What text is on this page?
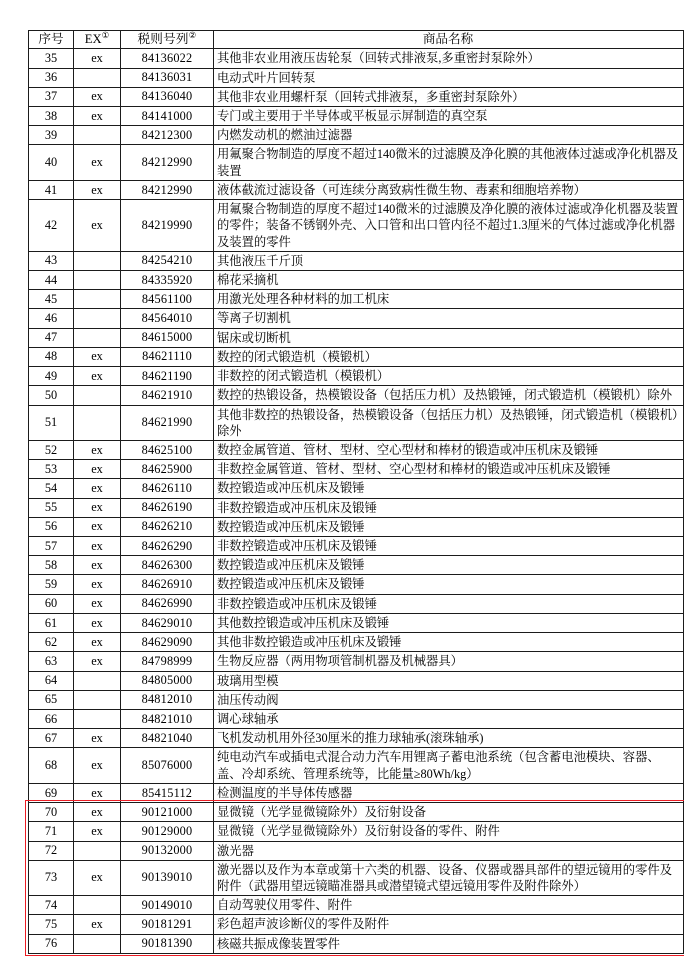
序号	EX①	税则号列②	商品名称
35	ex	84136022	其他非农业用液压齿轮泵（回转式排液泵,多重密封泵除外）
36		84136031	电动式叶片回转泵
37	ex	84136040	其他非农业用螺杆泵（回转式排液泵，多重密封泵除外）
38	ex	84141000	专门或主要用于半导体或平板显示屏制造的真空泵
39		84212300	内燃发动机的燃油过滤器
40	ex	84212990	用氟聚合物制造的厚度不超过140微米的过滤膜及净化膜的其他液体过滤或净化机器及装置
41	ex	84212990	液体截流过滤设备（可连续分离致病性微生物、毒素和细胞培养物）
42	ex	84219990	用氟聚合物制造的厚度不超过140微米的过滤膜及净化膜的液体过滤或净化机器及装置的零件；装备不锈钢外壳、入口管和出口管内径不超过1.3厘米的气体过滤或净化机器及装置的零件
43		84254210	其他液压千斤顶
44		84335920	棉花采摘机
45		84561100	用激光处理各种材料的加工机床
46		84564010	等离子切割机
47		84615000	锯床或切断机
48	ex	84621110	数控的闭式锻造机（模锻机）
49	ex	84621190	非数控的闭式锻造机（模锻机）
50		84621910	数控的热锻设备，热模锻设备（包括压力机）及热锻锤，闭式锻造机（模锻机）除外
51		84621990	其他非数控的热锻设备，热模锻设备（包括压力机）及热锻锤，闭式锻造机（模锻机）除外
52	ex	84625100	数控金属管道、管材、型材、空心型材和棒材的锻造或冲压机床及锻锤
53	ex	84625900	非数控金属管道、管材、型材、空心型材和棒材的锻造或冲压机床及锻锤
54	ex	84626110	数控锻造或冲压机床及锻锤
55	ex	84626190	非数控锻造或冲压机床及锻锤
56	ex	84626210	数控锻造或冲压机床及锻锤
57	ex	84626290	非数控锻造或冲压机床及锻锤
58	ex	84626300	数控锻造或冲压机床及锻锤
59	ex	84626910	数控锻造或冲压机床及锻锤
60	ex	84626990	非数控锻造或冲压机床及锻锤
61	ex	84629010	其他数控锻造或冲压机床及锻锤
62	ex	84629090	其他非数控锻造或冲压机床及锻锤
63	ex	84798999	生物反应器（两用物项管制机器及机械器具）
64		84805000	玻璃用型模
65		84812010	油压传动阀
66		84821010	调心球轴承
67	ex	84821040	飞机发动机用外径30厘米的推力球轴承(滚珠轴承)
68	ex	85076000	纯电动汽车或插电式混合动力汽车用锂离子蓄电池系统（包含蓄电池模块、容器、盖、冷却系统、管理系统等，比能量≥80Wh/kg）
69	ex	85415112	检测温度的半导体传感器
70	ex	90121000	显微镜（光学显微镜除外）及衍射设备
71	ex	90129000	显微镜（光学显微镜除外）及衍射设备的零件、附件
72		90132000	激光器
73	ex	90139010	激光器以及作为本章或第十六类的机器、设备、仪器或器具部件的望远镜用的零件及附件（武器用望远镜瞄准器具或潜望镜式望远镜用零件及附件除外）
74		90149010	自动驾驶仪用零件、附件
75	ex	90181291	彩色超声波诊断仪的零件及附件
76		90181390	核磁共振成像装置零件
